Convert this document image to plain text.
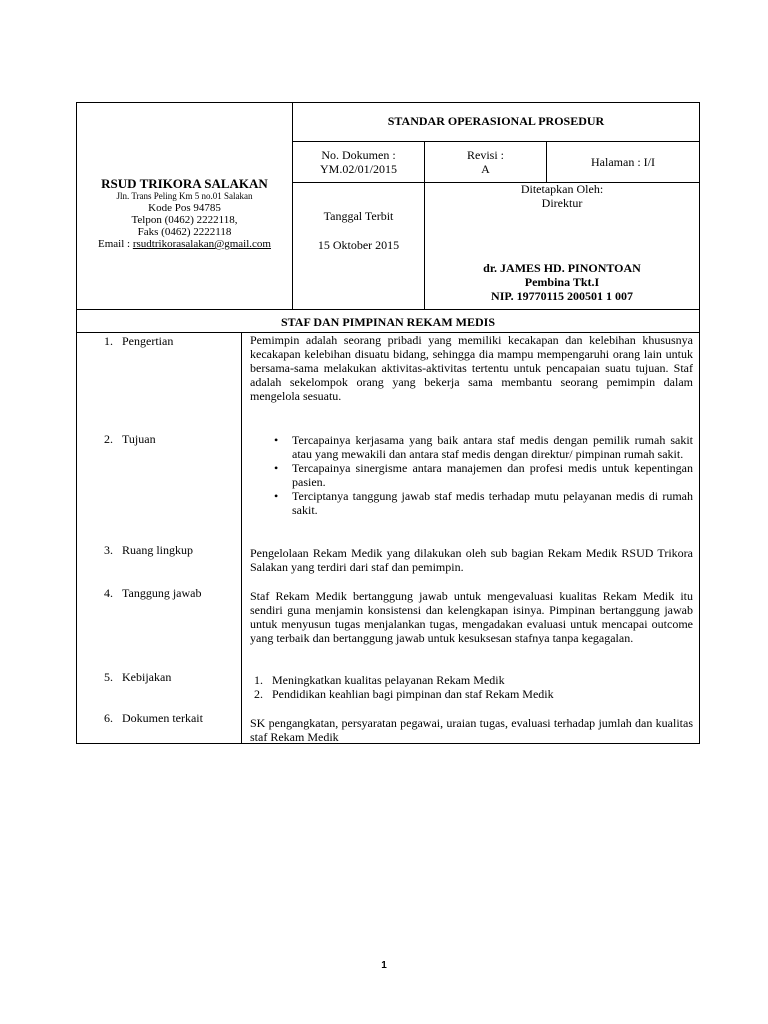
RSUD TRIKORA SALAKAN
Jln. Trans Peling Km 5 no.01 Salakan
Kode Pos 94785
Telpon (0462) 2222118,
Faks (0462) 2222118
Email : rsudtrikorasalakan@gmail.com
STANDAR OPERASIONAL PROSEDUR
No. Dokumen :
YM.02/01/2015
Revisi :
A	Halaman : I/I
Tanggal Terbit
15 Oktober 2015
Ditetapkan Oleh:
Direktur
dr. JAMES HD. PINONTOAN
Pembina Tkt.I
NIP. 19770115 200501 1 007
STAF DAN PIMPINAN REKAM MEDIS
1. Pengertian
2. Tujuan
3. Ruang lingkup
4. Tanggung jawab
5. Kebijakan
6. Dokumen terkait
Pemimpin adalah seorang pribadi yang memiliki kecakapan dan kelebihan khususnya kecakapan kelebihan disuatu bidang, sehingga dia mampu mempengaruhi orang lain untuk bersama-sama melakukan aktivitas-aktivitas tertentu untuk pencapaian suatu tujuan. Staf adalah sekelompok orang yang bekerja sama membantu seorang pemimpin dalam mengelola sesuatu.
• Tercapainya kerjasama yang baik antara staf medis dengan pemilik rumah sakit atau yang mewakili dan antara staf medis dengan direktur/ pimpinan rumah sakit.
• Tercapainya sinergisme antara manajemen dan profesi medis untuk kepentingan pasien.
• Terciptanya tanggung jawab staf medis terhadap mutu pelayanan medis di rumah sakit.
Pengelolaan Rekam Medik yang dilakukan oleh sub bagian Rekam Medik RSUD Trikora Salakan yang terdiri dari staf dan pemimpin.
Staf Rekam Medik bertanggung jawab untuk mengevaluasi kualitas Rekam Medik itu sendiri guna menjamin konsistensi dan kelengkapan isinya. Pimpinan bertanggung jawab untuk menyusun tugas menjalankan tugas, mengadakan evaluasi untuk mencapai outcome yang terbaik dan bertanggung jawab untuk kesuksesan stafnya tanpa kegagalan.
1. Meningkatkan kualitas pelayanan Rekam Medik
2. Pendidikan keahlian bagi pimpinan dan staf Rekam Medik
SK pengangkatan, persyaratan pegawai, uraian tugas, evaluasi terhadap jumlah dan kualitas staf Rekam Medik
1
